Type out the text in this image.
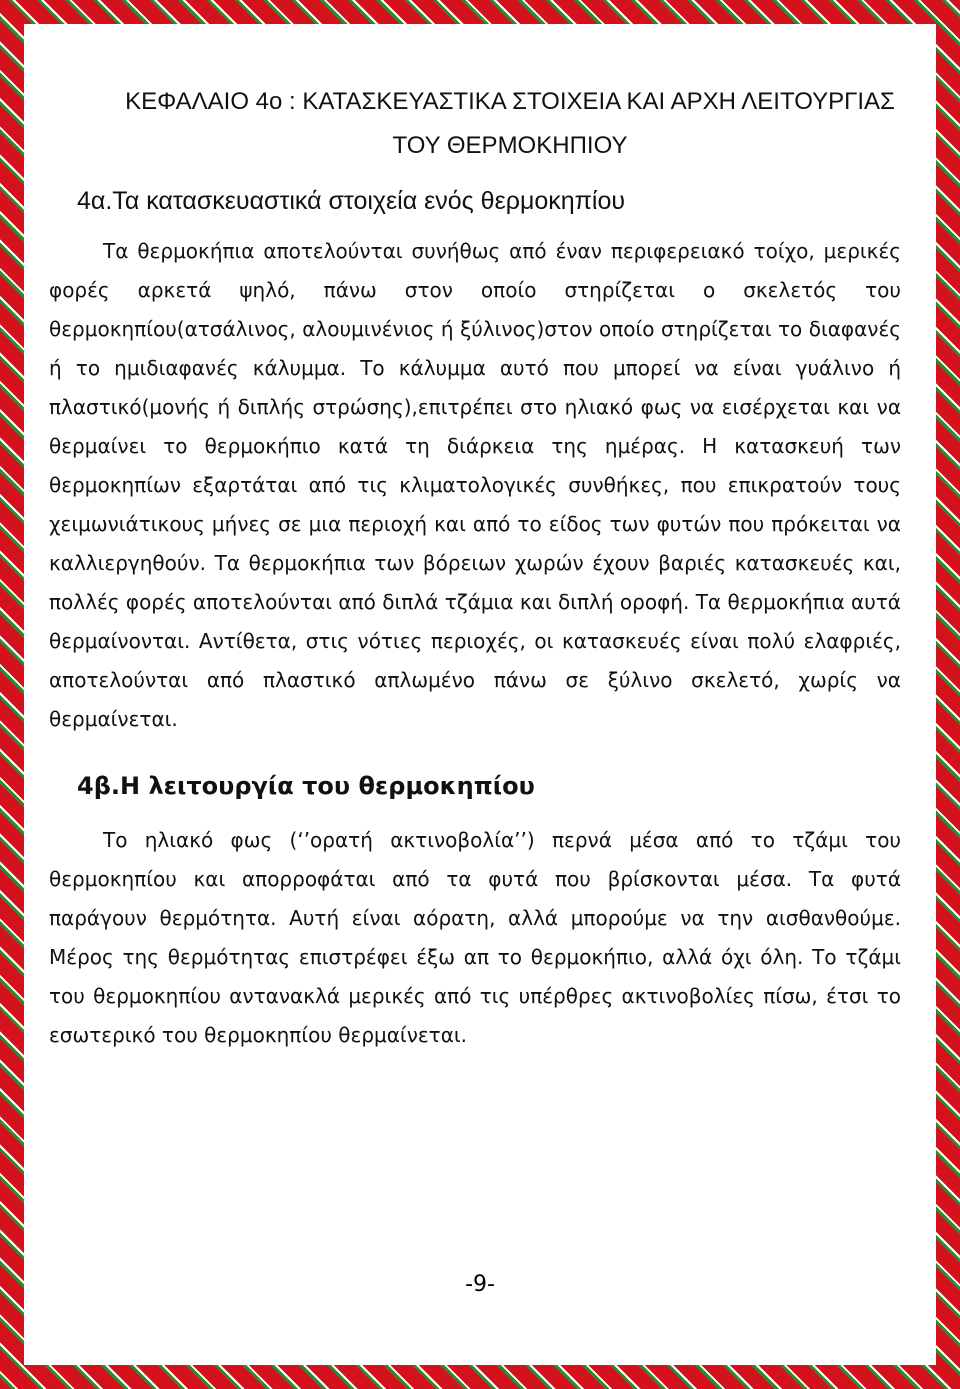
ΚΕΦΑΛΑΙΟ 4ο : ΚΑΤΑΣΚΕΥΑΣΤΙΚΑ ΣΤΟΙΧΕΙΑ ΚΑΙ ΑΡΧΗ ΛΕΙΤΟΥΡΓΙΑΣ ΤΟΥ ΘΕΡΜΟΚΗΠΙΟΥ
4α.Τα κατασκευαστικά στοιχεία ενός θερμοκηπίου

Τα θερμοκήπια αποτελούνται συνήθως από έναν περιφερειακό τοίχο, μερικές φορές αρκετά ψηλό, πάνω στον οποίο στηρίζεται ο σκελετός του θερμοκηπίου(ατσάλινος, αλουμινένιος ή ξύλινος)στον οποίο στηρίζεται το διαφανές ή το ημιδιαφανές κάλυμμα. Το κάλυμμα αυτό που μπορεί να είναι γυάλινο ή πλαστικό(μονής ή διπλής στρώσης),επιτρέπει στο ηλιακό φως να εισέρχεται και να θερμαίνει το θερμοκήπιο κατά τη διάρκεια της ημέρας. Η κατασκευή των θερμοκηπίων εξαρτάται από τις κλιματολογικές συνθήκες, που επικρατούν τους χειμωνιάτικους μήνες σε μια περιοχή και από το είδος των φυτών που πρόκειται να καλλιεργηθούν. Τα θερμοκήπια των βόρειων χωρών έχουν βαριές κατασκευές και, πολλές φορές αποτελούνται από διπλά τζάμια και διπλή οροφή. Τα θερμοκήπια αυτά θερμαίνονται. Αντίθετα, στις νότιες περιοχές, οι κατασκευές είναι πολύ ελαφριές, αποτελούνται από πλαστικό απλωμένο πάνω σε ξύλινο σκελετό, χωρίς να θερμαίνεται.

4β.Η λειτουργία του θερμοκηπίου

Το ηλιακό φως (‘’ορατή ακτινοβολία’’) περνά μέσα από το τζάμι του θερμοκηπίου και απορροφάται από τα φυτά που βρίσκονται μέσα. Τα φυτά παράγουν θερμότητα. Αυτή είναι αόρατη, αλλά μπορούμε να την αισθανθούμε. Μέρος της θερμότητας επιστρέφει έξω απ το θερμοκήπιο, αλλά όχι όλη. Το τζάμι του θερμοκηπίου αντανακλά μερικές από τις υπέρθρες ακτινοβολίες πίσω, έτσι το εσωτερικό του θερμοκηπίου θερμαίνεται.

-9-
